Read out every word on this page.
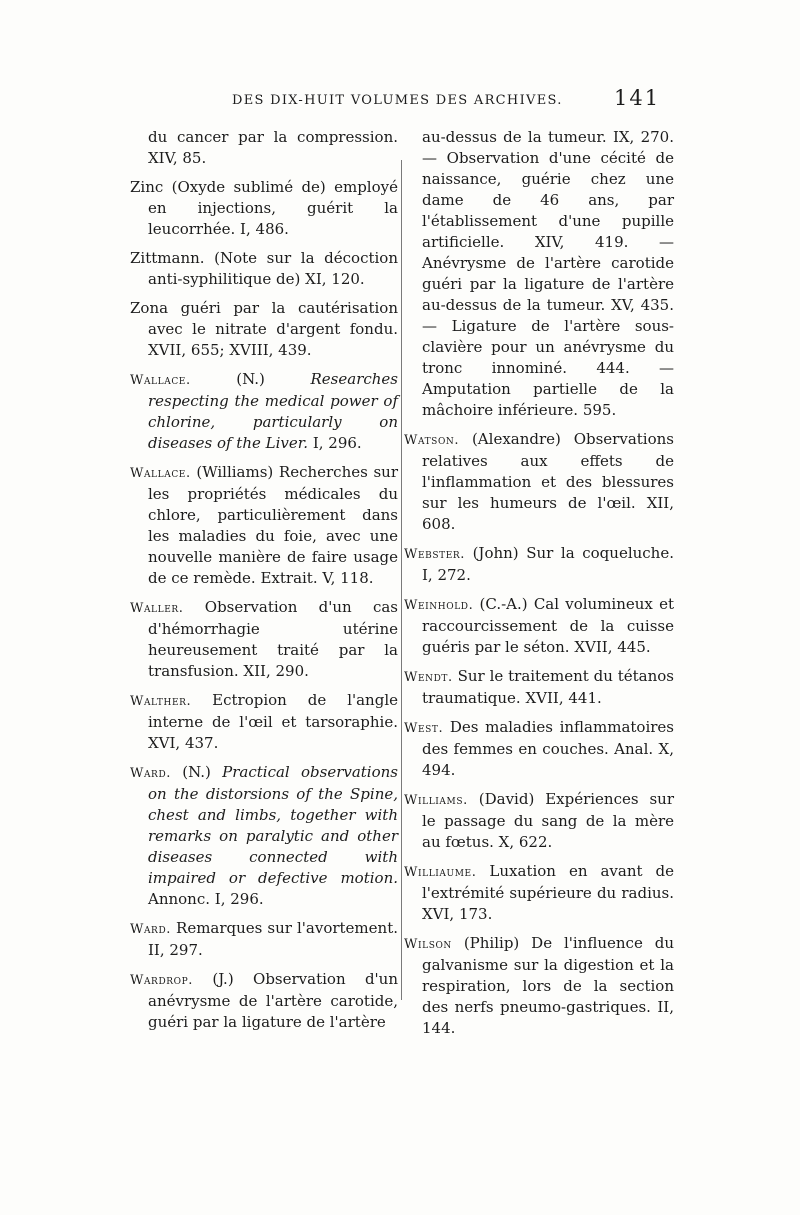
DES DIX-HUIT VOLUMES DES ARCHIVES. 141

du cancer par la compression. XIV, 85.

Zinc (Oxyde sublimé de) employé en injections, guérit la leucorrhée. I, 486.

Zittmann. (Note sur la décoction anti-syphilitique de) XI, 120.

Zona guéri par la cautérisation avec le nitrate d'argent fondu. XVII, 655; XVIII, 439.

Wallace. (N.) Researches respecting the medical power of chlorine, particularly on diseases of the Liver. I, 296.

Wallace. (Williams) Recherches sur les propriétés médicales du chlore, particulièrement dans les maladies du foie, avec une nouvelle manière de faire usage de ce remède. Extrait. V, 118.

Waller. Observation d'un cas d'hémorrhagie utérine heureusement traité par la transfusion. XII, 290.

Walther. Ectropion de l'angle interne de l'œil et tarsoraphie. XVI, 437.

Ward. (N.) Practical observations on the distorsions of the Spine, chest and limbs, together with remarks on paralytic and other diseases connected with impaired or defective motion. Annonc. I, 296.

Ward. Remarques sur l'avortement. II, 297.

Wardrop. (J.) Observation d'un anévrysme de l'artère carotide, guéri par la ligature de l'artère

au-dessus de la tumeur. IX, 270. — Observation d'une cécité de naissance, guérie chez une dame de 46 ans, par l'établissement d'une pupille artificielle. XIV, 419. — Anévrysme de l'artère carotide guéri par la ligature de l'artère au-dessus de la tumeur. XV, 435. — Ligature de l'artère sous-clavière pour un anévrysme du tronc innominé. 444. — Amputation partielle de la mâchoire inférieure. 595.

Watson. (Alexandre) Observations relatives aux effets de l'inflammation et des blessures sur les humeurs de l'œil. XII, 608.

Webster. (John) Sur la coqueluche. I, 272.

Weinhold. (C.-A.) Cal volumineux et raccourcissement de la cuisse guéris par le séton. XVII, 445.

Wendt. Sur le traitement du tétanos traumatique. XVII, 441.

West. Des maladies inflammatoires des femmes en couches. Anal. X, 494.

Williams. (David) Expériences sur le passage du sang de la mère au fœtus. X, 622.

Williaume. Luxation en avant de l'extrémité supérieure du radius. XVI, 173.

Wilson (Philip) De l'influence du galvanisme sur la digestion et la respiration, lors de la section des nerfs pneumo-gastriques. II, 144.
